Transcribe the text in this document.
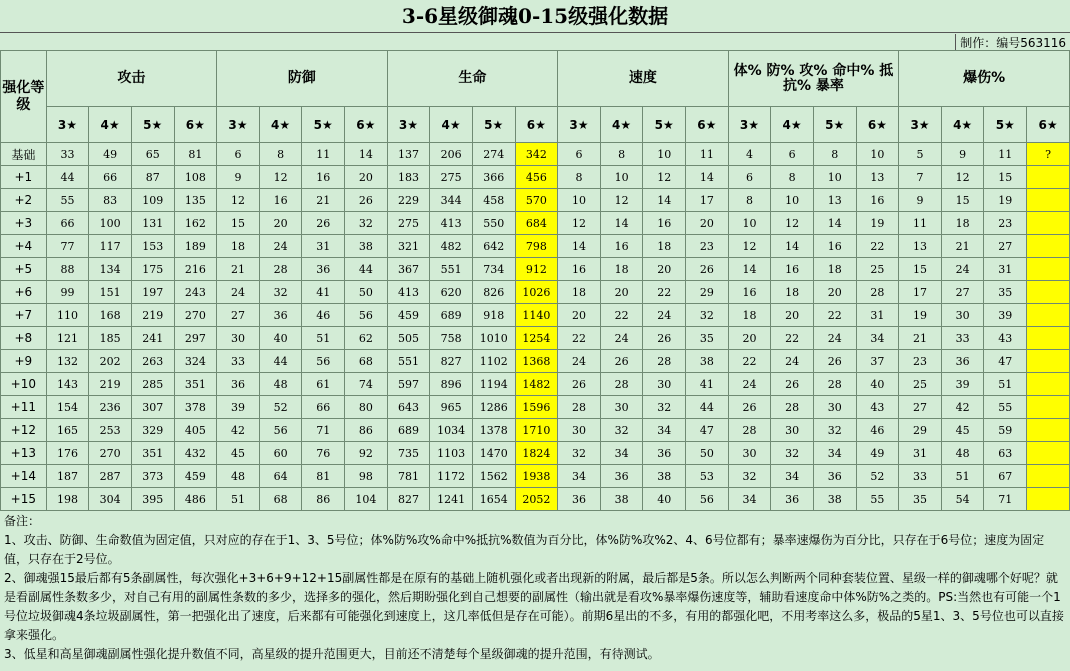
3-6星级御魂0-15级强化数据
制作：编号563116
强化等级	攻击				防御				生命				速度				体% 防% 攻% 命中% 抵抗% 暴率				爆伤%			
	3★	4★	5★	6★	3★	4★	5★	6★	3★	4★	5★	6★	3★	4★	5★	6★	3★	4★	5★	6★	3★	4★	5★	6★
基础	33	49	65	81	6	8	11	14	137	206	274	342	6	8	10	11	4	6	8	10	5	9	11	?
+1	44	66	87	108	9	12	16	20	183	275	366	456	8	10	12	14	6	8	10	13	7	12	15	
+2	55	83	109	135	12	16	21	26	229	344	458	570	10	12	14	17	8	10	13	16	9	15	19	
+3	66	100	131	162	15	20	26	32	275	413	550	684	12	14	16	20	10	12	14	19	11	18	23	
+4	77	117	153	189	18	24	31	38	321	482	642	798	14	16	18	23	12	14	16	22	13	21	27	
+5	88	134	175	216	21	28	36	44	367	551	734	912	16	18	20	26	14	16	18	25	15	24	31	
+6	99	151	197	243	24	32	41	50	413	620	826	1026	18	20	22	29	16	18	20	28	17	27	35	
+7	110	168	219	270	27	36	46	56	459	689	918	1140	20	22	24	32	18	20	22	31	19	30	39	
+8	121	185	241	297	30	40	51	62	505	758	1010	1254	22	24	26	35	20	22	24	34	21	33	43	
+9	132	202	263	324	33	44	56	68	551	827	1102	1368	24	26	28	38	22	24	26	37	23	36	47	
+10	143	219	285	351	36	48	61	74	597	896	1194	1482	26	28	30	41	24	26	28	40	25	39	51	
+11	154	236	307	378	39	52	66	80	643	965	1286	1596	28	30	32	44	26	28	30	43	27	42	55	
+12	165	253	329	405	42	56	71	86	689	1034	1378	1710	30	32	34	47	28	30	32	46	29	45	59	
+13	176	270	351	432	45	60	76	92	735	1103	1470	1824	32	34	36	50	30	32	34	49	31	48	63	
+14	187	287	373	459	48	64	81	98	781	1172	1562	1938	34	36	38	53	32	34	36	52	33	51	67	
+15	198	304	395	486	51	68	86	104	827	1241	1654	2052	36	38	40	56	34	36	38	55	35	54	71	

备注：

1、攻击、防御、生命数值为固定值，只对应的存在于1、3、5号位；体%防%攻%命中%抵抗%数值为百分比，体%防%攻%2、4、6号位都有；暴率速爆伤为百分比，只存在于6号位；速度为固定值，只存在于2号位。

2、御魂强15最后都有5条副属性，每次强化+3+6+9+12+15副属性都是在原有的基础上随机强化或者出现新的附属，最后都是5条。所以怎么判断两个同种套装位置、星级一样的御魂哪个好呢？就是看副属性条数多少，对自己有用的副属性条数的多少，选择多的强化，然后期盼强化到自己想要的副属性（输出就是看攻%暴率爆伤速度等，辅助看速度命中体%防%之类的。PS:当然也有可能一个1号位垃圾御魂4条垃圾副属性，第一把强化出了速度，后来都有可能强化到速度上，这几率低但是存在可能）。前期6星出的不多，有用的都强化吧，不用考率这么多，极品的5星1、3、5号位也可以直接拿来强化。

3、低星和高星御魂副属性强化提升数值不同，高星级的提升范围更大，目前还不清楚每个星级御魂的提升范围，有待测试。
